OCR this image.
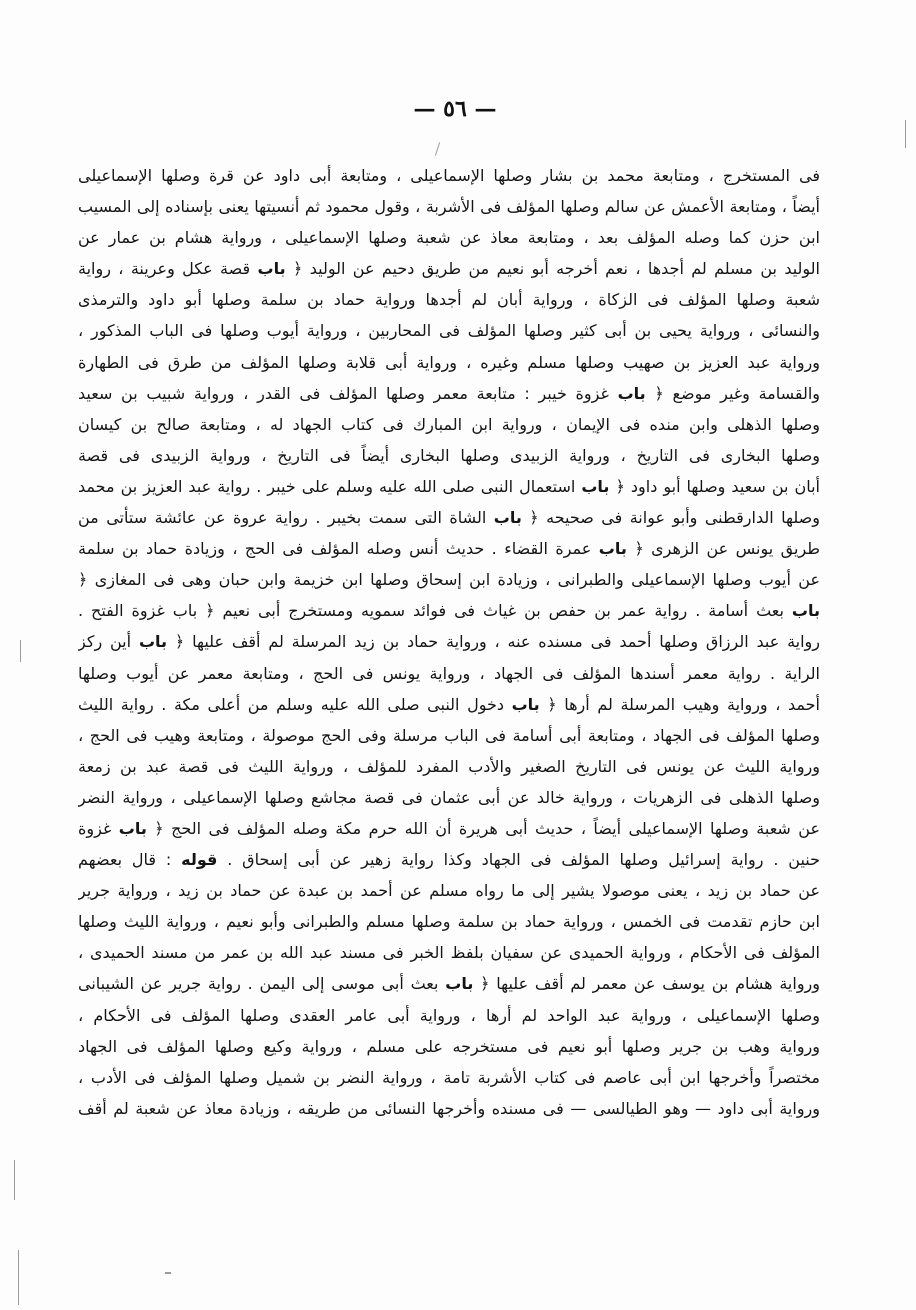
— ٥٦ —
فى المستخرج ، ومتابعة محمد بن بشار وصلها الإسماعيلى ، ومتابعة أبى داود عن قرة وصلها الإسماعيلى
أيضاً ، ومتابعة الأعمش عن سالم وصلها المؤلف فى الأشربة ، وقول محمود ثم أنسيتها يعنى بإسناده إلى المسيب
ابن حزن كما وصله المؤلف بعد ، ومتابعة معاذ عن شعبة وصلها الإسماعيلى ، ورواية هشام بن عمار عن
الوليد بن مسلم لم أجدها ، نعم أخرجه أبو نعيم من طريق دحيم عن الوليد ﴿ باب قصة عكل وعرينة ، رواية
شعبة وصلها المؤلف فى الزكاة ، ورواية أبان لم أجدها ورواية حماد بن سلمة وصلها أبو داود والترمذى
والنسائى ، ورواية يحيى بن أبى كثير وصلها المؤلف فى المحاربين ، ورواية أيوب وصلها فى الباب المذكور ،
ورواية عبد العزيز بن صهيب وصلها مسلم وغيره ، ورواية أبى قلابة وصلها المؤلف من طرق فى الطهارة
والقسامة وغير موضع ﴿ باب غزوة خيبر : متابعة معمر وصلها المؤلف فى القدر ، ورواية شبيب بن سعيد
وصلها الذهلى وابن منده فى الإيمان ، ورواية ابن المبارك فى كتاب الجهاد له ، ومتابعة صالح بن كيسان
وصلها البخارى فى التاريخ ، ورواية الزبيدى وصلها البخارى أيضاً فى التاريخ ، ورواية الزبيدى فى قصة
أبان بن سعيد وصلها أبو داود ﴿ باب استعمال النبى صلى الله عليه وسلم على خيبر . رواية عبد العزيز بن محمد
وصلها الدارقطنى وأبو عوانة فى صحيحه ﴿ باب الشاة التى سمت بخيبر . رواية عروة عن عائشة ستأتى من
طريق يونس عن الزهرى ﴿ باب عمرة القضاء . حديث أنس وصله المؤلف فى الحج ، وزيادة حماد بن سلمة
عن أيوب وصلها الإسماعيلى والطبرانى ، وزيادة ابن إسحاق وصلها ابن خزيمة وابن حبان وهى فى المغازى ﴿
باب بعث أسامة . رواية عمر بن حفص بن غياث فى فوائد سمويه ومستخرج أبى نعيم ﴿ باب غزوة الفتح .
رواية عبد الرزاق وصلها أحمد فى مسنده عنه ، ورواية حماد بن زيد المرسلة لم أقف عليها ﴿ باب أين ركز
الراية . رواية معمر أسندها المؤلف فى الجهاد ، ورواية يونس فى الحج ، ومتابعة معمر عن أيوب وصلها
أحمد ، ورواية وهيب المرسلة لم أرها ﴿ باب دخول النبى صلى الله عليه وسلم من أعلى مكة . رواية الليث
وصلها المؤلف فى الجهاد ، ومتابعة أبى أسامة فى الباب مرسلة وفى الحج موصولة ، ومتابعة وهيب فى الحج ،
ورواية الليث عن يونس فى التاريخ الصغير والأدب المفرد للمؤلف ، ورواية الليث فى قصة عبد بن زمعة
وصلها الذهلى فى الزهريات ، ورواية خالد عن أبى عثمان فى قصة مجاشع وصلها الإسماعيلى ، ورواية النضر
عن شعبة وصلها الإسماعيلى أيضاً ، حديث أبى هريرة أن الله حرم مكة وصله المؤلف فى الحج ﴿ باب غزوة
حنين . رواية إسرائيل وصلها المؤلف فى الجهاد وكذا رواية زهير عن أبى إسحاق . قوله : قال بعضهم
عن حماد بن زيد ، يعنى موصولا يشير إلى ما رواه مسلم عن أحمد بن عبدة عن حماد بن زيد ، ورواية جرير
ابن حازم تقدمت فى الخمس ، ورواية حماد بن سلمة وصلها مسلم والطبرانى وأبو نعيم ، ورواية الليث وصلها
المؤلف فى الأحكام ، ورواية الحميدى عن سفيان بلفظ الخبر فى مسند عبد الله بن عمر من مسند الحميدى ،
ورواية هشام بن يوسف عن معمر لم أقف عليها ﴿ باب بعث أبى موسى إلى اليمن . رواية جرير عن الشيبانى
وصلها الإسماعيلى ، ورواية عبد الواحد لم أرها ، ورواية أبى عامر العقدى وصلها المؤلف فى الأحكام ،
ورواية وهب بن جرير وصلها أبو نعيم فى مستخرجه على مسلم ، ورواية وكيع وصلها المؤلف فى الجهاد
مختصراً وأخرجها ابن أبى عاصم فى كتاب الأشربة تامة ، ورواية النضر بن شميل وصلها المؤلف فى الأدب ،
ورواية أبى داود — وهو الطيالسى — فى مسنده وأخرجها النسائى من طريقه ، وزيادة معاذ عن شعبة لم أقف
